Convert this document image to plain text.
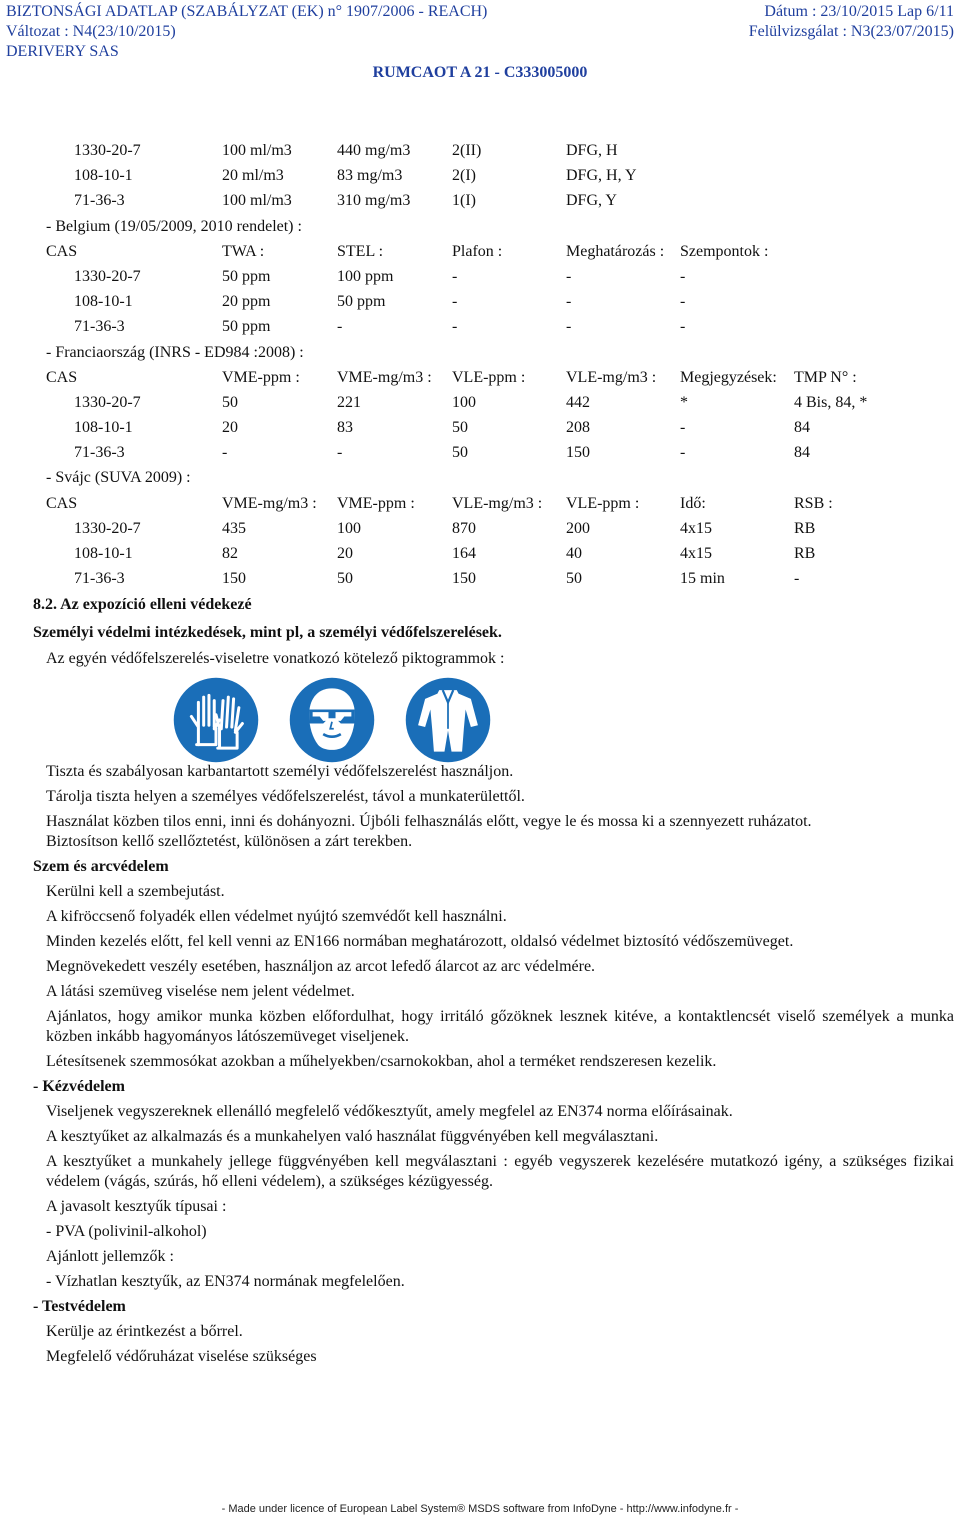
BIZTONSÁGI ADATLAP (SZABÁLYZAT (EK) n° 1907/2006 - REACH)
Változat : N4(23/10/2015)
DERIVERY SAS
Dátum : 23/10/2015 Lap 6/11
Felülvizsgálat : N3(23/07/2015)
RUMCAOT A 21 - C333005000
1330-20-7	100 ml/m3	440 mg/m3	2(II)	DFG, H
108-10-1	20 ml/m3	83 mg/m3	2(I)	DFG, H, Y
71-36-3	100 ml/m3	310 mg/m3	1(I)	DFG, Y
- Belgium (19/05/2009, 2010 rendelet) :
CAS	TWA :	STEL :	Plafon :	Meghatározás : Szempontok :
1330-20-7	50 ppm	100 ppm	-	-	-
108-10-1	20 ppm	50 ppm	-	-	-
71-36-3	50 ppm	-	-	-	-
- Franciaország (INRS - ED984 :2008) :
CAS	VME-ppm : VME-mg/m3 : VLE-ppm :	VLE-mg/m3 : Megjegyzések: TMP N° :
1330-20-7	50	221	100	442	*	4 Bis, 84, *
108-10-1	20	83	50	208	-	84
71-36-3	-	-	50	150	-	84
- Svájc (SUVA 2009) :
CAS	VME-mg/m3 : VME-ppm : VLE-mg/m3 : VLE-ppm :	Idő:	RSB :
1330-20-7	435	100	870	200	4x15	RB
108-10-1	82	20	164	40	4x15	RB
71-36-3	150	50	150	50	15 min	-
8.2. Az expozíció elleni védekezé
Személyi védelmi intézkedések, mint pl, a személyi védőfelszerelések.
Az egyén védőfelszerelés-viseletre vonatkozó kötelező piktogrammok :

Tiszta és szabályosan karbantartott személyi védőfelszerelést használjon.

Tárolja tiszta helyen a személyes védőfelszerelést, távol a munkaterülettől.

Használat közben tilos enni, inni és dohányozni. Újbóli felhasználás előtt, vegye le és mossa ki a szennyezett ruházatot.

Biztosítson kellő szellőztetést, különösen a zárt terekben.

Szem és arcvédelem

Kerülni kell a szembejutást.

A kifröccsenő folyadék ellen védelmet nyújtó szemvédőt kell használni.

Minden kezelés előtt, fel kell venni az EN166 normában meghatározott, oldalsó védelmet biztosító védőszemüveget.

Megnövekedett veszély esetében, használjon az arcot lefedő álarcot az arc védelmére.

A látási szemüveg viselése nem jelent védelmet.

Ajánlatos, hogy amikor munka közben előfordulhat, hogy irritáló gőzöknek lesznek kitéve, a kontaktlencsét viselő személyek a munka közben inkább hagyományos látószemüveget viseljenek.

Létesítsenek szemmosókat azokban a műhelyekben/csarnokokban, ahol a terméket rendszeresen kezelik.

- Kézvédelem

Viseljenek vegyszereknek ellenálló megfelelő védőkesztyűt, amely megfelel az EN374 norma előírásainak.

A kesztyűket az alkalmazás és a munkahelyen való használat függvényében kell megválasztani.

A kesztyűket a munkahely jellege függvényében kell megválasztani : egyéb vegyszerek kezelésére mutatkozó igény, a szükséges fizikai védelem (vágás, szúrás, hő elleni védelem), a szükséges kézügyesség.

A javasolt kesztyűk típusai :

- PVA (polivinil-alkohol)

Ajánlott jellemzők :

- Vízhatlan kesztyűk, az EN374 normának megfelelően.

- Testvédelem

Kerülje az érintkezést a bőrrel.

Megfelelő védőruházat viselése szükséges

- Made under licence of European Label System® MSDS software from InfoDyne - http://www.infodyne.fr -
